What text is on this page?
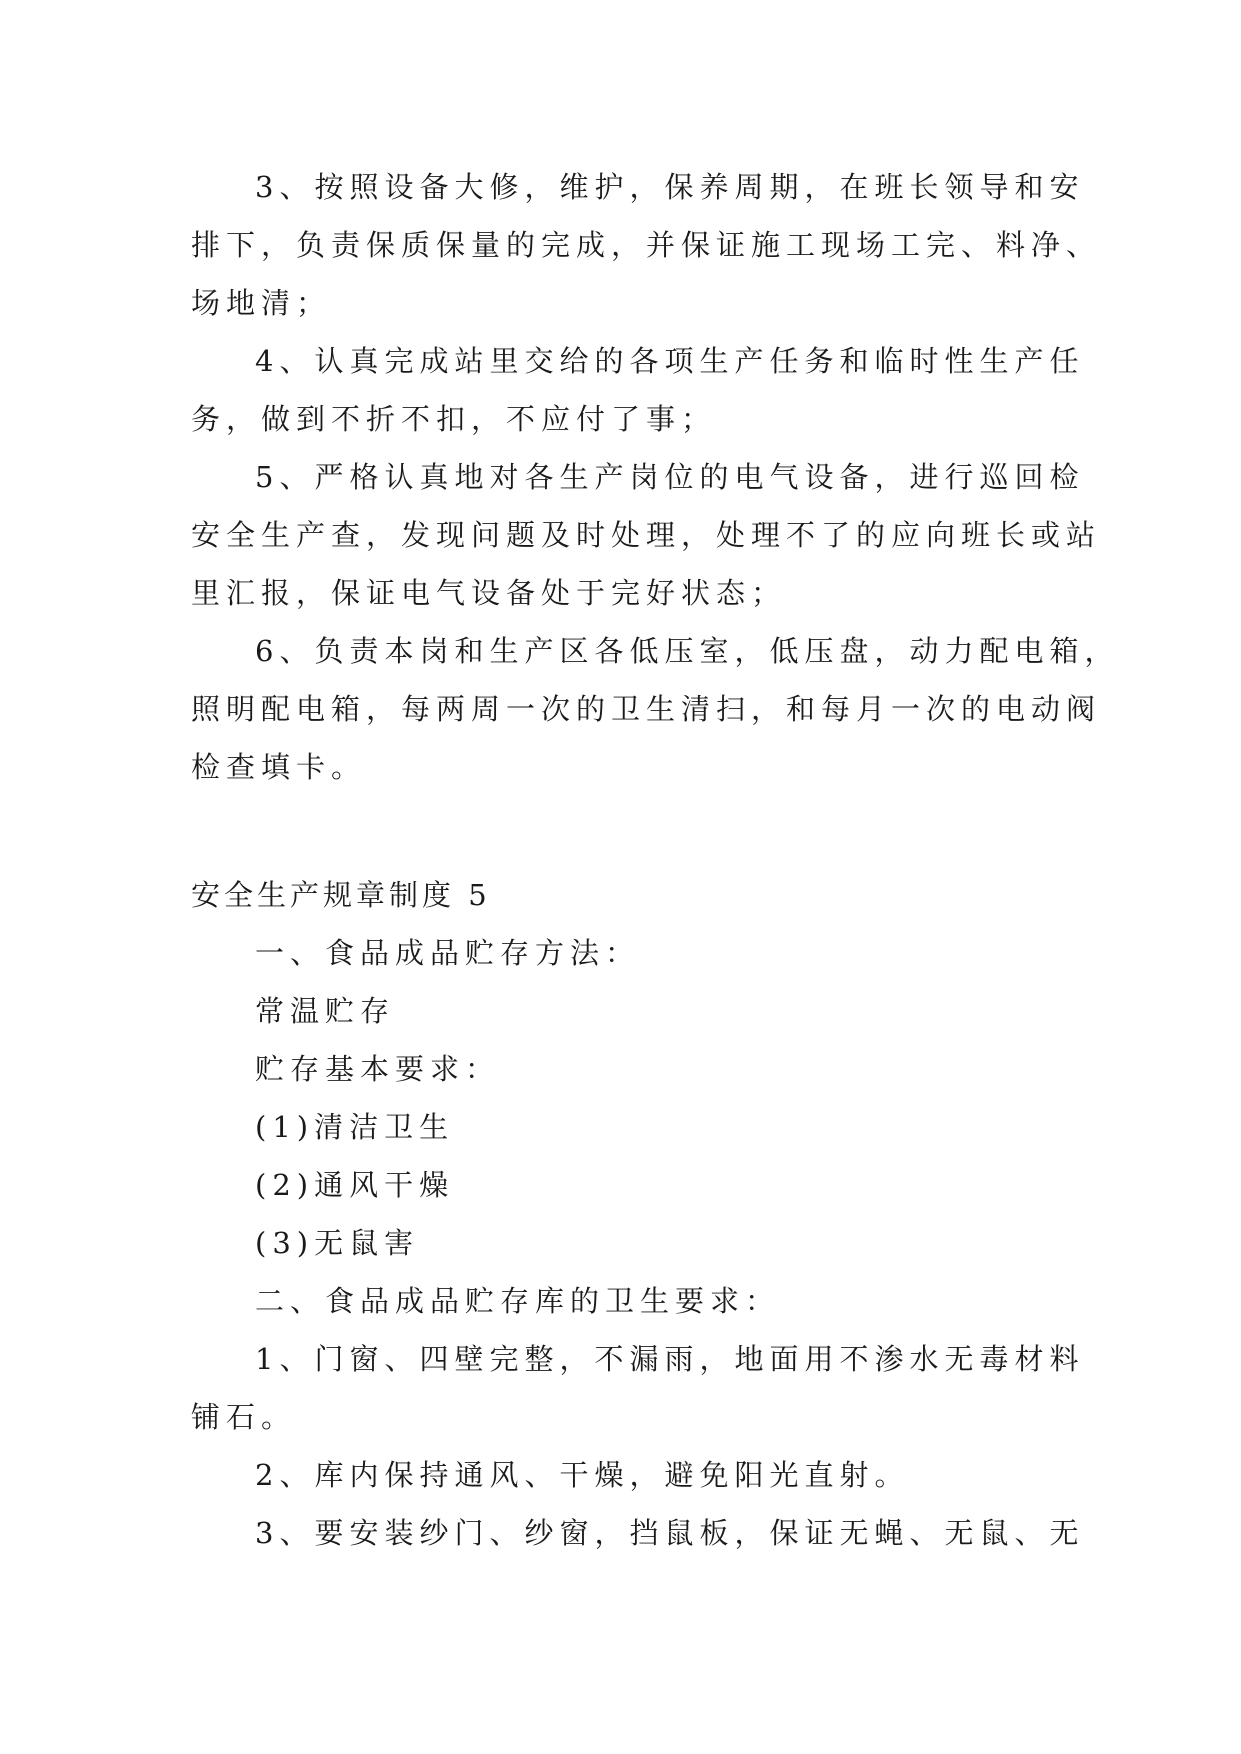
3、按照设备大修，维护，保养周期，在班长领导和安
排下，负责保质保量的完成，并保证施工现场工完、料净、
场地清；
4、认真完成站里交给的各项生产任务和临时性生产任
务，做到不折不扣，不应付了事；
5、严格认真地对各生产岗位的电气设备，进行巡回检
安全生产查，发现问题及时处理，处理不了的应向班长或站
里汇报，保证电气设备处于完好状态；
6、负责本岗和生产区各低压室，低压盘，动力配电箱，
照明配电箱，每两周一次的卫生清扫，和每月一次的电动阀
检查填卡。
安全生产规章制度 5
一、食品成品贮存方法：
常温贮存
贮存基本要求：
(1)清洁卫生
(2)通风干燥
(3)无鼠害
二、食品成品贮存库的卫生要求：
1、门窗、四壁完整，不漏雨，地面用不渗水无毒材料
铺石。
2、库内保持通风、干燥，避免阳光直射。
3、要安装纱门、纱窗，挡鼠板，保证无蝇、无鼠、无
